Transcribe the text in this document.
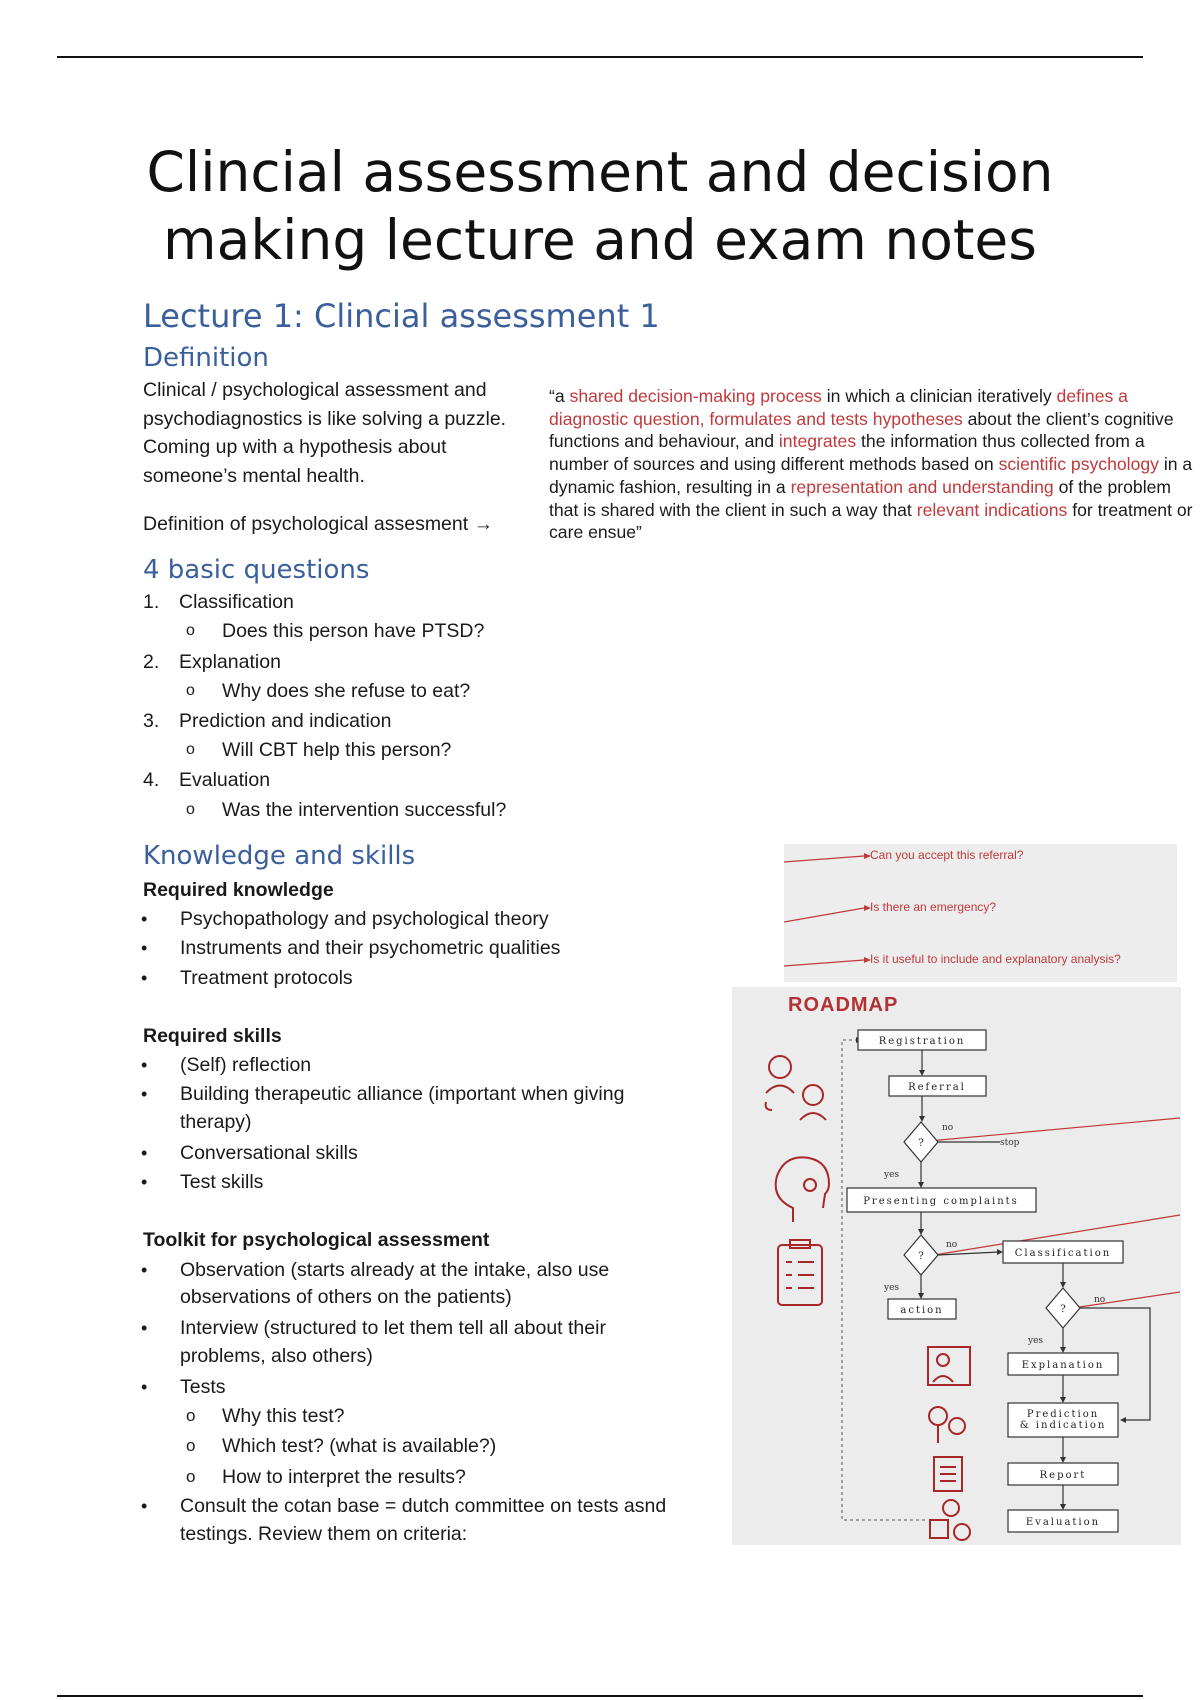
Clincial assessment and decision
making lecture and exam notes
Lecture 1: Clincial assessment 1
Definition
Clinical / psychological assessment and
psychodiagnostics is like solving a puzzle.
Coming up with a hypothesis about
someone’s mental health.
Definition of psychological assesment →
“a shared decision-making process in which a clinician iteratively defines a diagnostic question, formulates and tests hypotheses about the client’s cognitive functions and behaviour, and integrates the information thus collected from a number of sources and using different methods based on scientific psychology in a dynamic fashion, resulting in a representation and understanding of the problem that is shared with the client in such a way that relevant indications for treatment or care ensue”
4 basic questions
1. Classification
o Does this person have PTSD?
2. Explanation
o Why does she refuse to eat?
3. Prediction and indication
o Will CBT help this person?
4. Evaluation
o Was the intervention successful?
Knowledge and skills
Required knowledge
• Psychopathology and psychological theory
• Instruments and their psychometric qualities
• Treatment protocols
Required skills
• (Self) reflection
• Building therapeutic alliance (important when giving
therapy)
• Conversational skills
• Test skills
Toolkit for psychological assessment
• Observation (starts already at the intake, also use
observations of others on the patients)
• Interview (structured to let them tell all about their
problems, also others)
• Tests
o Why this test?
o Which test? (what is available?)
o How to interpret the results?
• Consult the cotan base = dutch committee on tests asnd
testings. Review them on criteria:
Can you accept this referral?
Is there an emergency?
Is it useful to include and explanatory analysis?
ROADMAP
Registration
Referral
Presenting complaints
Classification
action
Explanation
Prediction
& indication
Report
Evaluation
?
?
?
no
stop
yes
no
yes
no
yes
